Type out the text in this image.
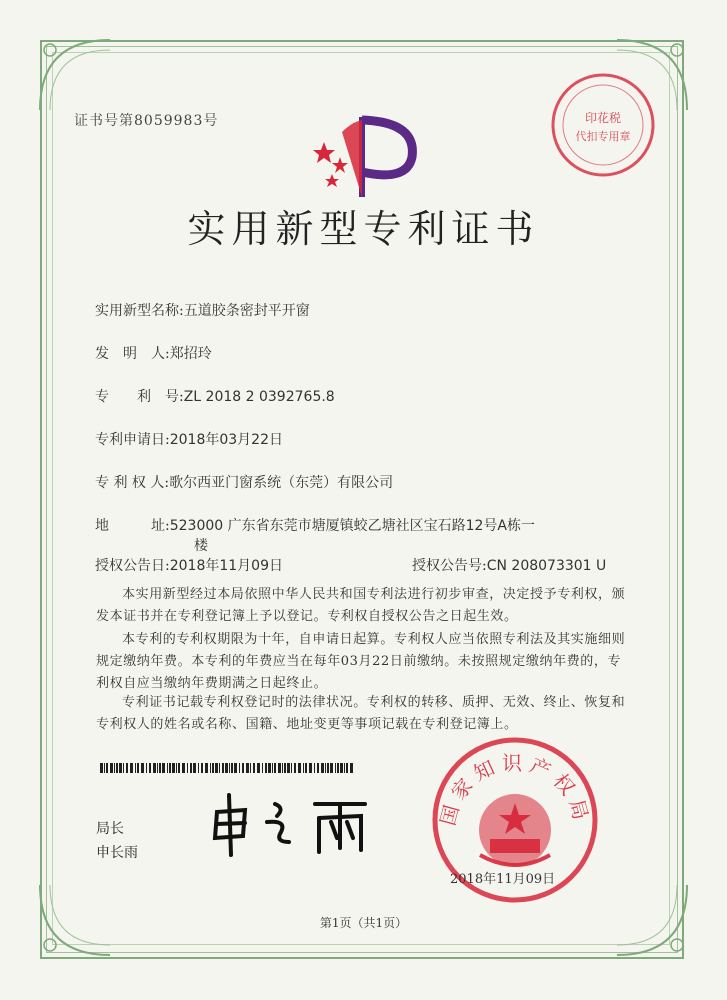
证书号第8059983号	印花税
代扣专用章
实用新型专利证书
实用新型名称:五道胶条密封平开窗
发　明　人:郑招玲
专　　利　号:ZL 2018 2 0392765.8
专利申请日:2018年03月22日
专 利 权 人:歌尔西亚门窗系统（东莞）有限公司
地　　　址:523000 广东省东莞市塘厦镇蛟乙塘社区宝石路12号A栋一
楼
授权公告日:2018年11月09日	授权公告号:CN 208073301 U
本实用新型经过本局依照中华人民共和国专利法进行初步审查，决定授予专利权，颁发本证书并在专利登记簿上予以登记。专利权自授权公告之日起生效。
本专利的专利权期限为十年，自申请日起算。专利权人应当依照专利法及其实施细则规定缴纳年费。本专利的年费应当在每年03月22日前缴纳。未按照规定缴纳年费的，专利权自应当缴纳年费期满之日起终止。
专利证书记载专利权登记时的法律状况。专利权的转移、质押、无效、终止、恢复和专利权人的姓名或名称、国籍、地址变更等事项记载在专利登记簿上。
局长
申长雨
国家知识产权局
2018年11月09日
第1页（共1页）
